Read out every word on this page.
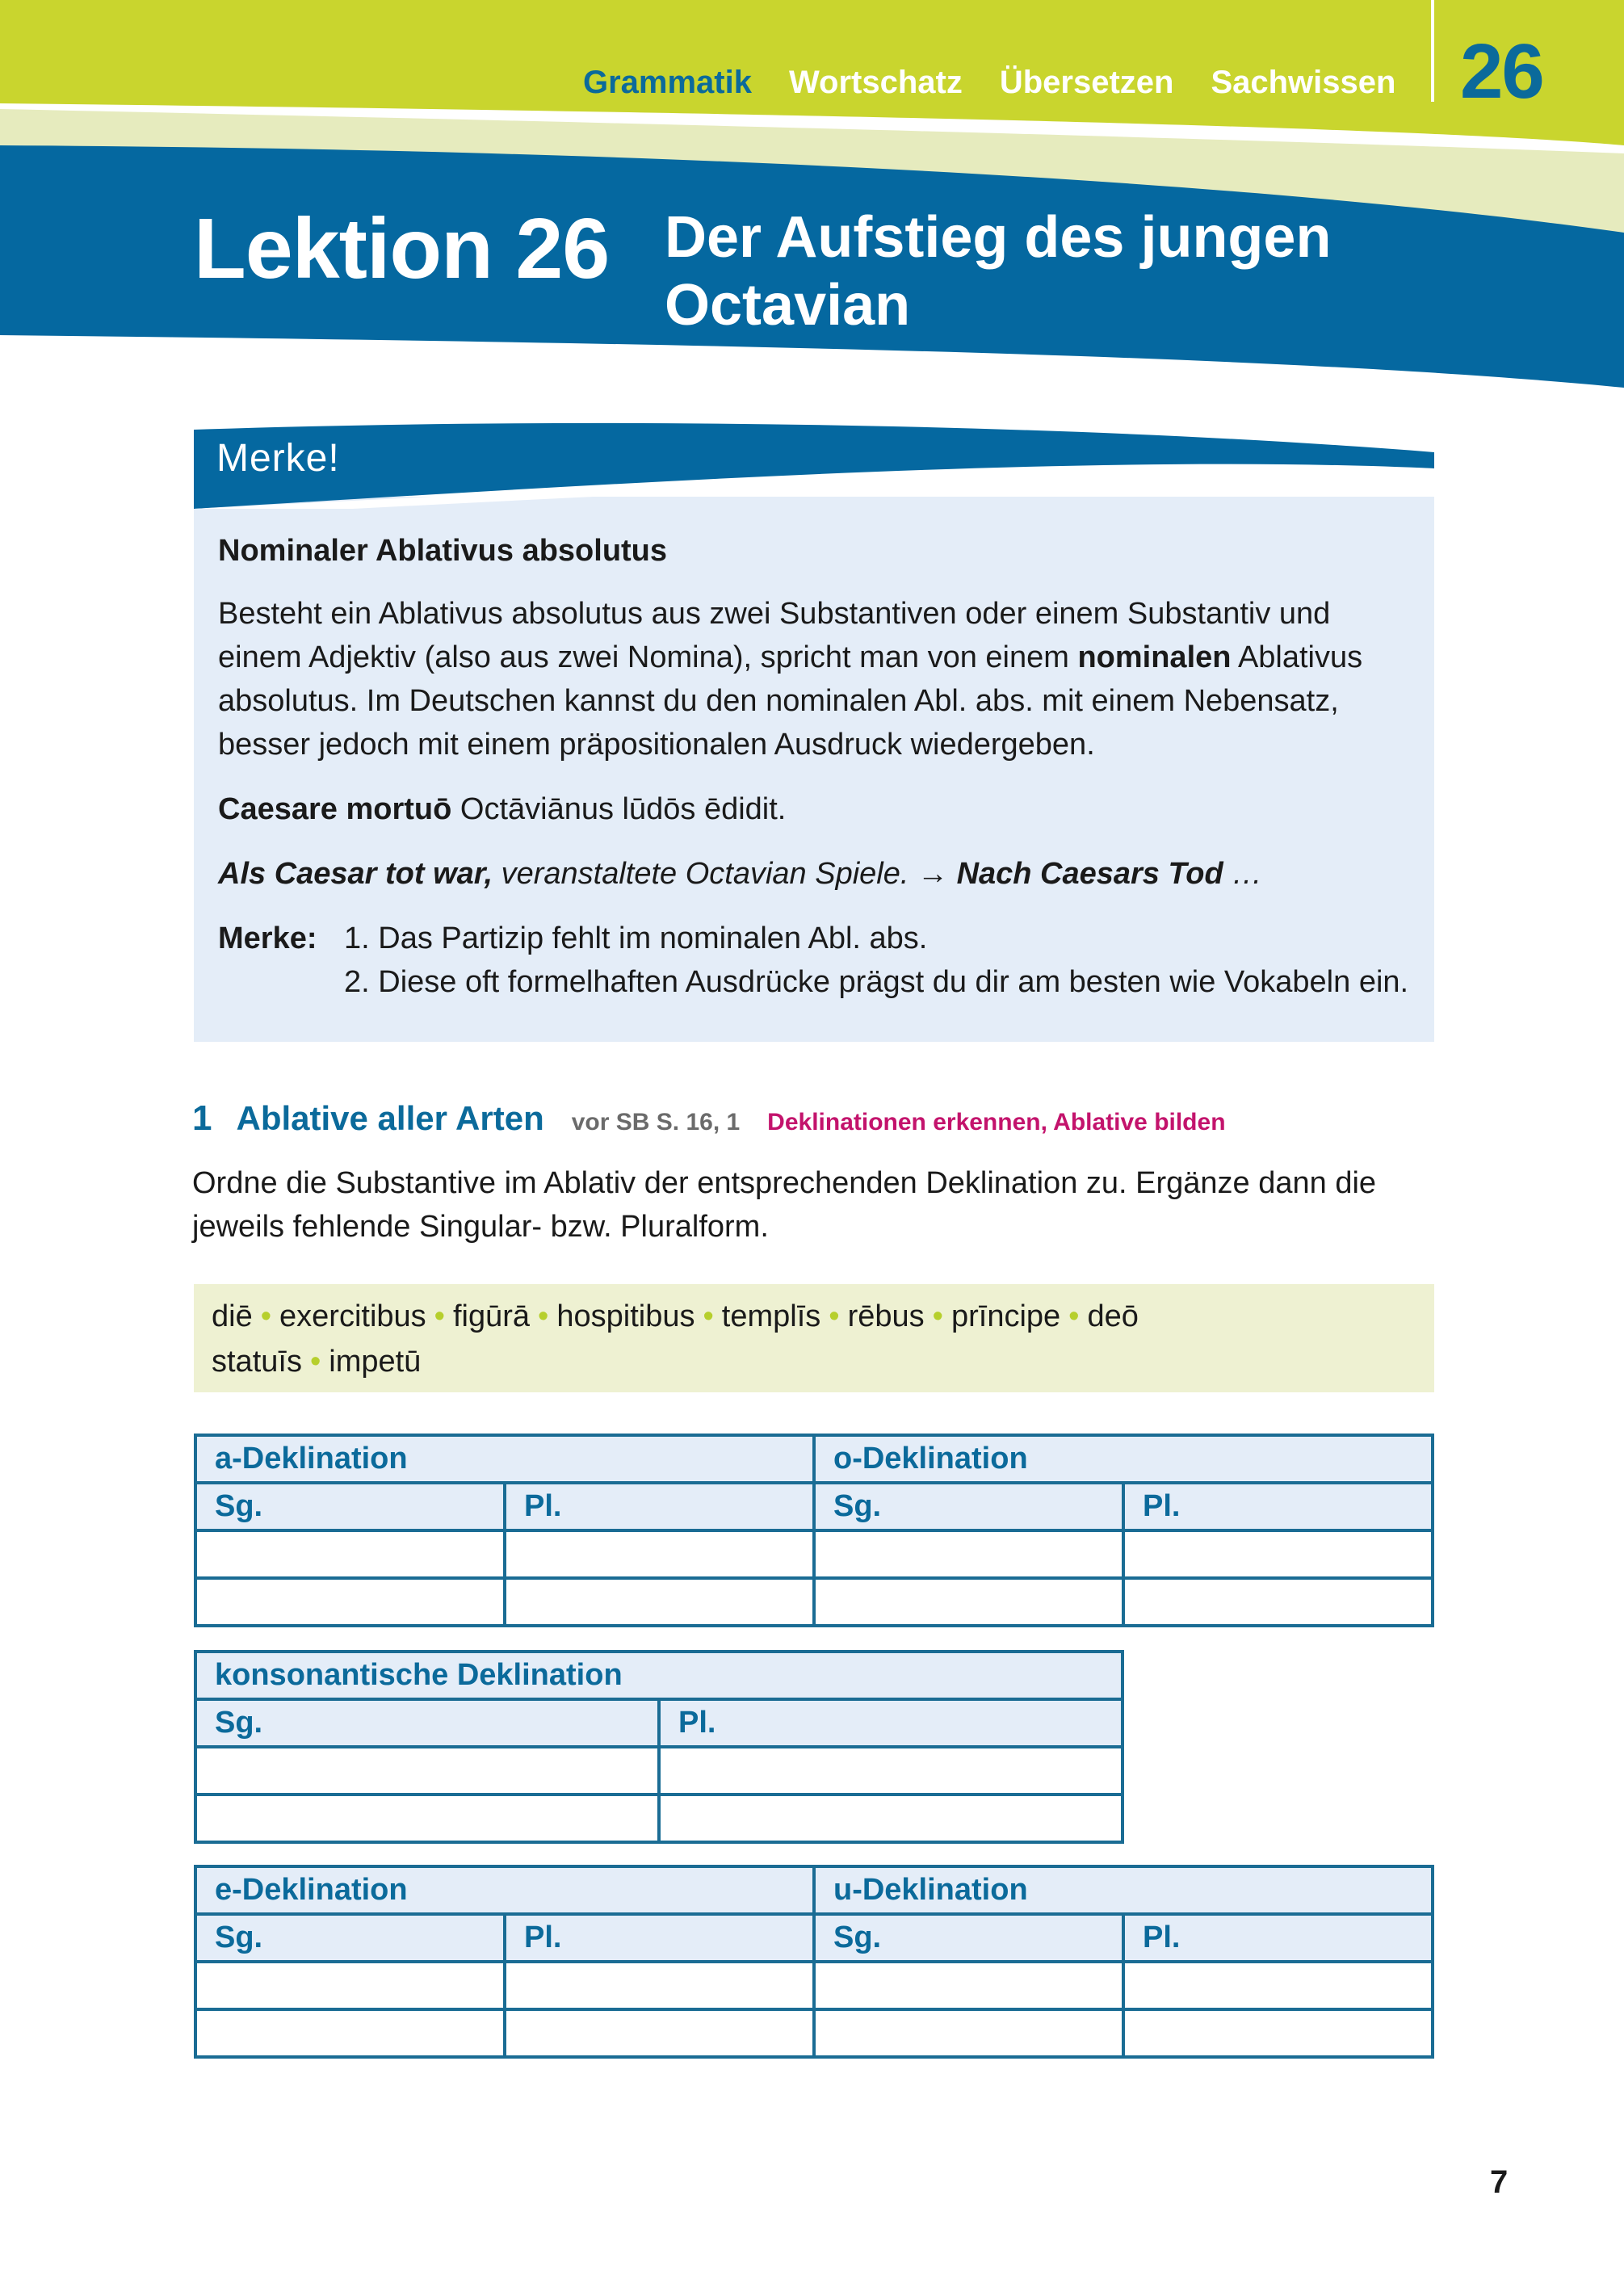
Grammatik Wortschatz Übersetzen Sachwissen 26
Lektion 26 Der Aufstieg des jungen
Octavian
Merke!

Nominaler Ablativus absolutus

Besteht ein Ablativus absolutus aus zwei Substantiven oder einem Substantiv und einem Adjektiv (also aus zwei Nomina), spricht man von einem nominalen Ablativus absolutus. Im Deutschen kannst du den nominalen Abl. abs. mit einem Nebensatz, besser jedoch mit einem präpositionalen Ausdruck wiedergeben.

Caesare mortuō Octāviānus lūdōs ēdidit.

Als Caesar tot war, veranstaltete Octavian Spiele. → Nach Caesars Tod …

Merke: 1. Das Partizip fehlt im nominalen Abl. abs.
2. Diese oft formelhaften Ausdrücke prägst du dir am besten wie Vokabeln ein.
1 Ablative aller Arten vor SB S. 16, 1 Deklinationen erkennen, Ablative bilden
Ordne die Substantive im Ablativ der entsprechenden Deklination zu. Ergänze dann die jeweils fehlende Singular- bzw. Pluralform.
diē • exercitibus • figūrā • hospitibus • templīs • rēbus • prīncipe • deō
statuīs • impetū
a-Deklination		o-Deklination	
Sg.	Pl.	Sg.	Pl.

konsonantische Deklination	
Sg.	Pl.

e-Deklination		u-Deklination	
Sg.	Pl.	Sg.	Pl.

7
